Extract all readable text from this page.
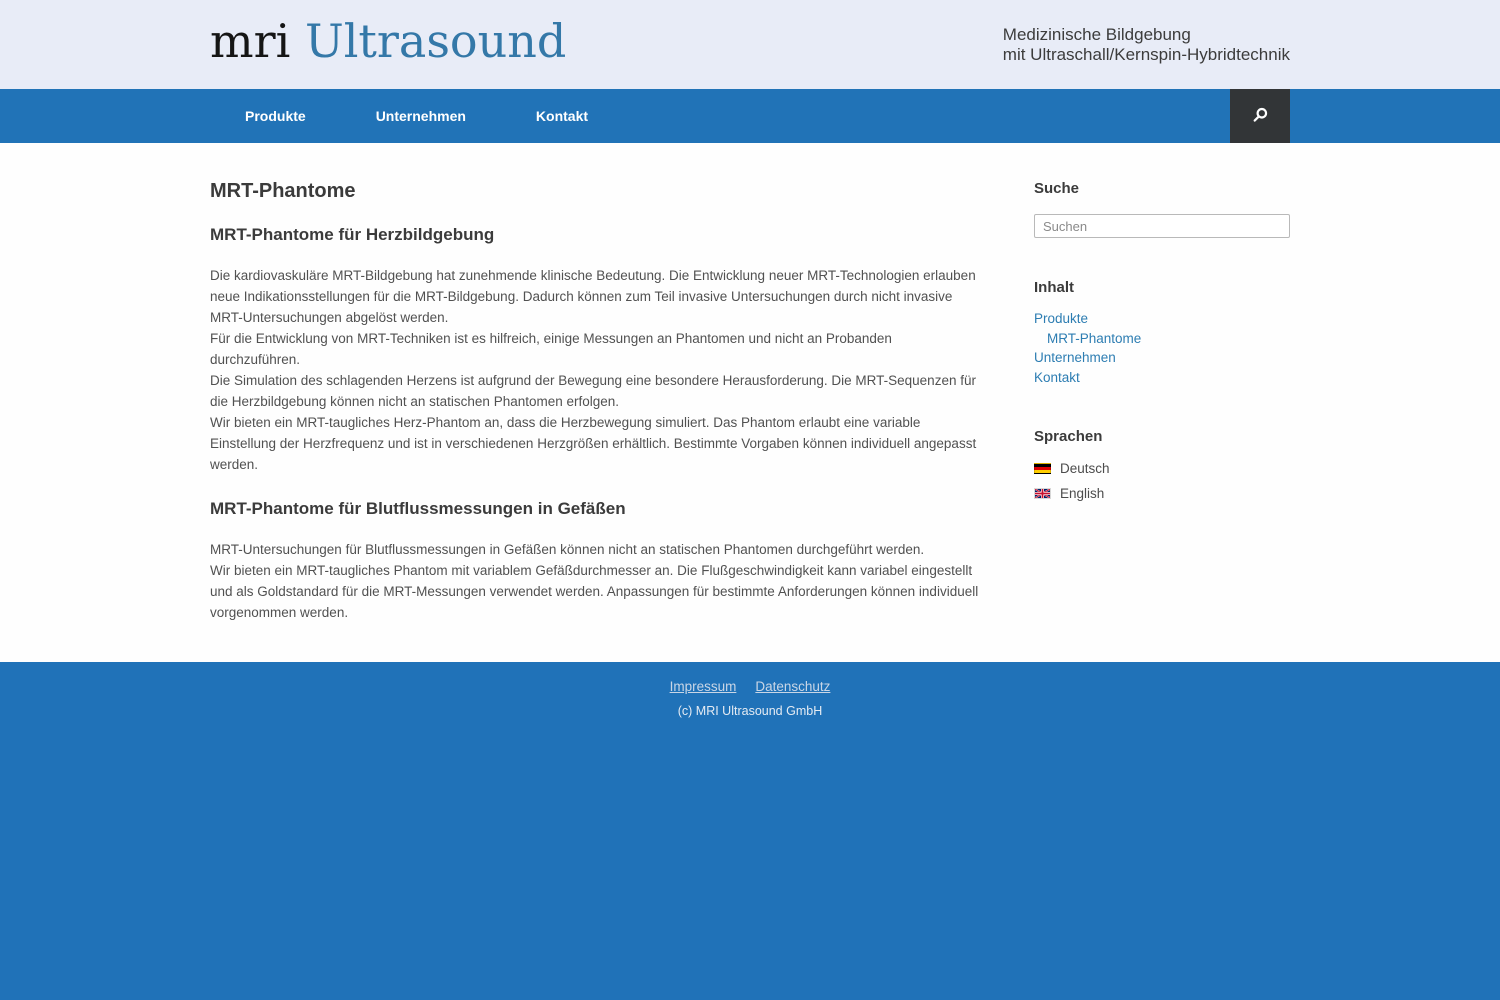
mri Ultrasound	Medizinische Bildgebung
mit Ultraschall/Kernspin-Hybridtechnik
Produkte	Unternehmen	Kontakt
MRT-Phantome
MRT-Phantome für Herzbildgebung
Die kardiovaskuläre MRT-Bildgebung hat zunehmende klinische Bedeutung. Die Entwicklung neuer MRT-Technologien erlauben neue Indikationsstellungen für die MRT-Bildgebung. Dadurch können zum Teil invasive Untersuchungen durch nicht invasive MRT-Untersuchungen abgelöst werden.
Für die Entwicklung von MRT-Techniken ist es hilfreich, einige Messungen an Phantomen und nicht an Probanden durchzuführen.
Die Simulation des schlagenden Herzens ist aufgrund der Bewegung eine besondere Herausforderung. Die MRT-Sequenzen für die Herzbildgebung können nicht an statischen Phantomen erfolgen.
Wir bieten ein MRT-taugliches Herz-Phantom an, dass die Herzbewegung simuliert. Das Phantom erlaubt eine variable Einstellung der Herzfrequenz und ist in verschiedenen Herzgrößen erhältlich. Bestimmte Vorgaben können individuell angepasst werden.
MRT-Phantome für Blutflussmessungen in Gefäßen
MRT-Untersuchungen für Blutflussmessungen in Gefäßen können nicht an statischen Phantomen durchgeführt werden.
Wir bieten ein MRT-taugliches Phantom mit variablem Gefäßdurchmesser an. Die Flußgeschwindigkeit kann variabel eingestellt und als Goldstandard für die MRT-Messungen verwendet werden. Anpassungen für bestimmte Anforderungen können individuell vorgenommen werden.
Suche
Suchen
Inhalt
Produkte
MRT-Phantome
Unternehmen
Kontakt
Sprachen
Deutsch
English
Impressum Datenschutz
(c) MRI Ultrasound GmbH
